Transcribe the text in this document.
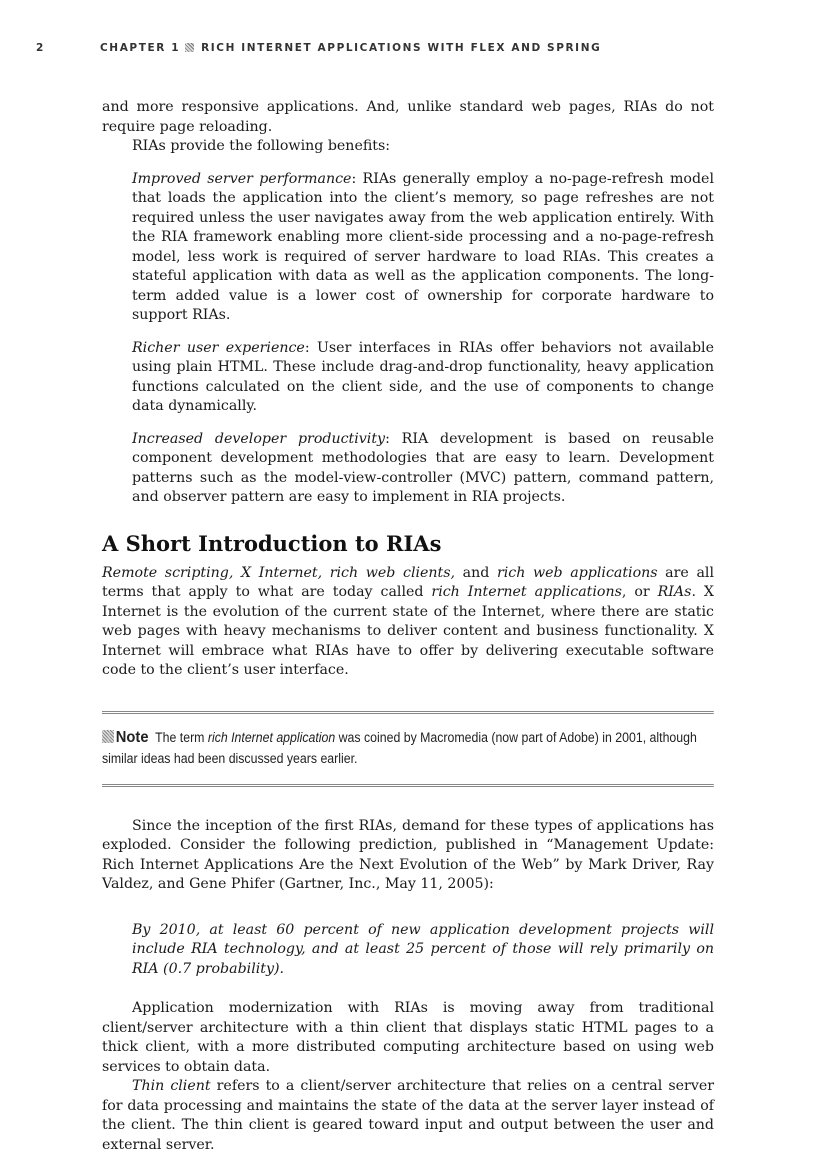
2	CHAPTER 1 RICH INTERNET APPLICATIONS WITH FLEX AND SPRING

and more responsive applications. And, unlike standard web pages, RIAs do not require page reloading.

RIAs provide the following benefits:

Improved server performance: RIAs generally employ a no-page-refresh model that loads the application into the client’s memory, so page refreshes are not required unless the user navigates away from the web application entirely. With the RIA framework enabling more client-side processing and a no-page-refresh model, less work is required of server hardware to load RIAs. This creates a stateful application with data as well as the application components. The long-term added value is a lower cost of ownership for corporate hardware to support RIAs.

Richer user experience: User interfaces in RIAs offer behaviors not available using plain HTML. These include drag-and-drop functionality, heavy application functions calculated on the client side, and the use of components to change data dynamically.

Increased developer productivity: RIA development is based on reusable component development methodologies that are easy to learn. Development patterns such as the model-view-controller (MVC) pattern, command pattern, and observer pattern are easy to implement in RIA projects.

A Short Introduction to RIAs

Remote scripting, X Internet, rich web clients, and rich web applications are all terms that apply to what are today called rich Internet applications, or RIAs. X Internet is the evolution of the current state of the Internet, where there are static web pages with heavy mechanisms to deliver content and business functionality. X Internet will embrace what RIAs have to offer by delivering executable software code to the client’s user interface.

Note The term rich Internet application was coined by Macromedia (now part of Adobe) in 2001, although similar ideas had been discussed years earlier.

Since the inception of the first RIAs, demand for these types of applications has exploded. Consider the following prediction, published in “Management Update: Rich Internet Applications Are the Next Evolution of the Web” by Mark Driver, Ray Valdez, and Gene Phifer (Gartner, Inc., May 11, 2005):

By 2010, at least 60 percent of new application development projects will include RIA technology, and at least 25 percent of those will rely primarily on RIA (0.7 probability).

Application modernization with RIAs is moving away from traditional client/server architecture with a thin client that displays static HTML pages to a thick client, with a more distributed computing architecture based on using web services to obtain data.

Thin client refers to a client/server architecture that relies on a central server for data processing and maintains the state of the data at the server layer instead of the client. The thin client is geared toward input and output between the user and external server.
